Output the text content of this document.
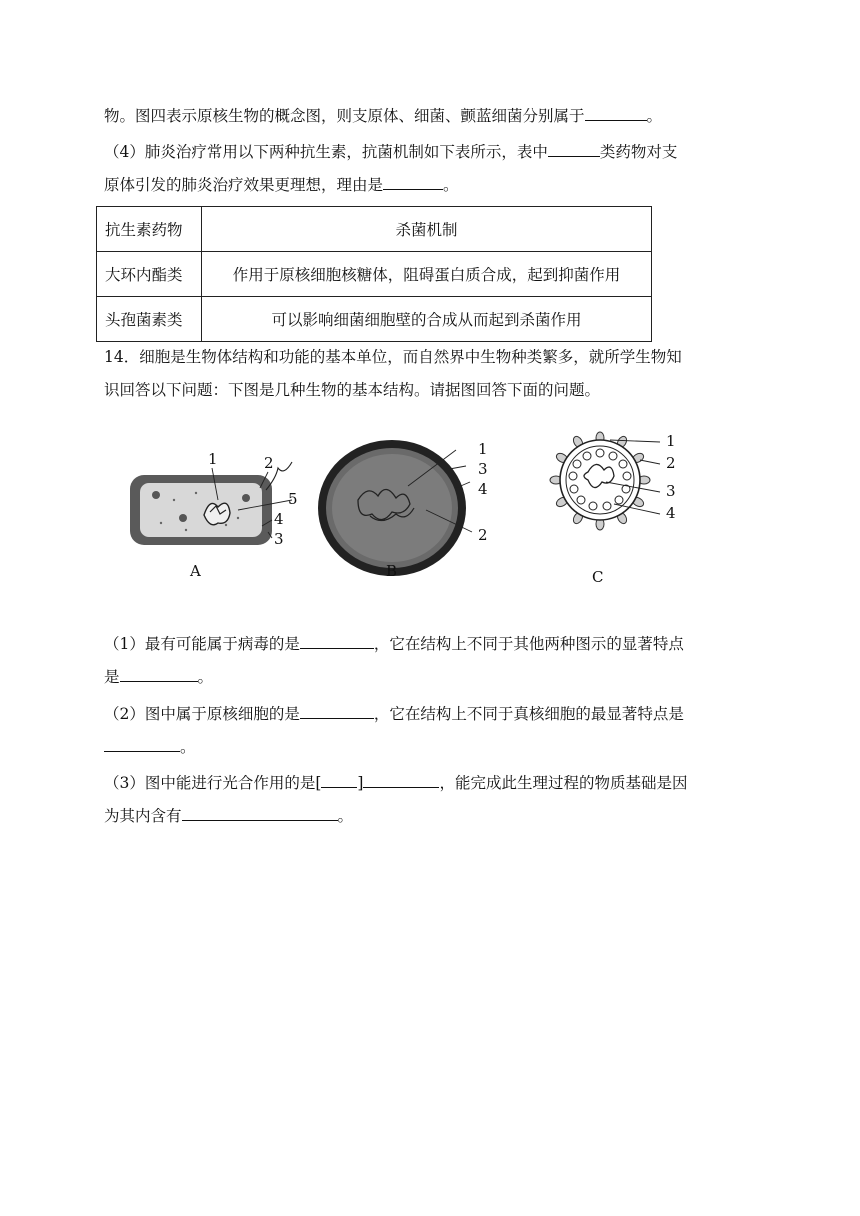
物。图四表示原核生物的概念图，则支原体、细菌、颤蓝细菌分别属于	。
（4）肺炎治疗常用以下两种抗生素，抗菌机制如下表所示，表中	类药物对支
原体引发的肺炎治疗效果更理想，理由是	。
抗生素药物	杀菌机制
大环内酯类	作用于原核细胞核糖体，阻碍蛋白质合成，起到抑菌作用
头孢菌素类	可以影响细菌细胞壁的合成从而起到杀菌作用
14．细胞是生物体结构和功能的基本单位，而自然界中生物种类繁多，就所学生物知
识回答以下问题：下图是几种生物的基本结构。请据图回答下面的问题。
1	2
5
4
3
A
1
3
4
2
B
1
2
3
4
C
（1）最有可能属于病毒的是	，它在结构上不同于其他两种图示的显著特点
是	。
（2）图中属于原核细胞的是	，它在结构上不同于真核细胞的最显著特点是
。
（3）图中能进行光合作用的是[ ]	，能完成此生理过程的物质基础是因
为其内含有	。
